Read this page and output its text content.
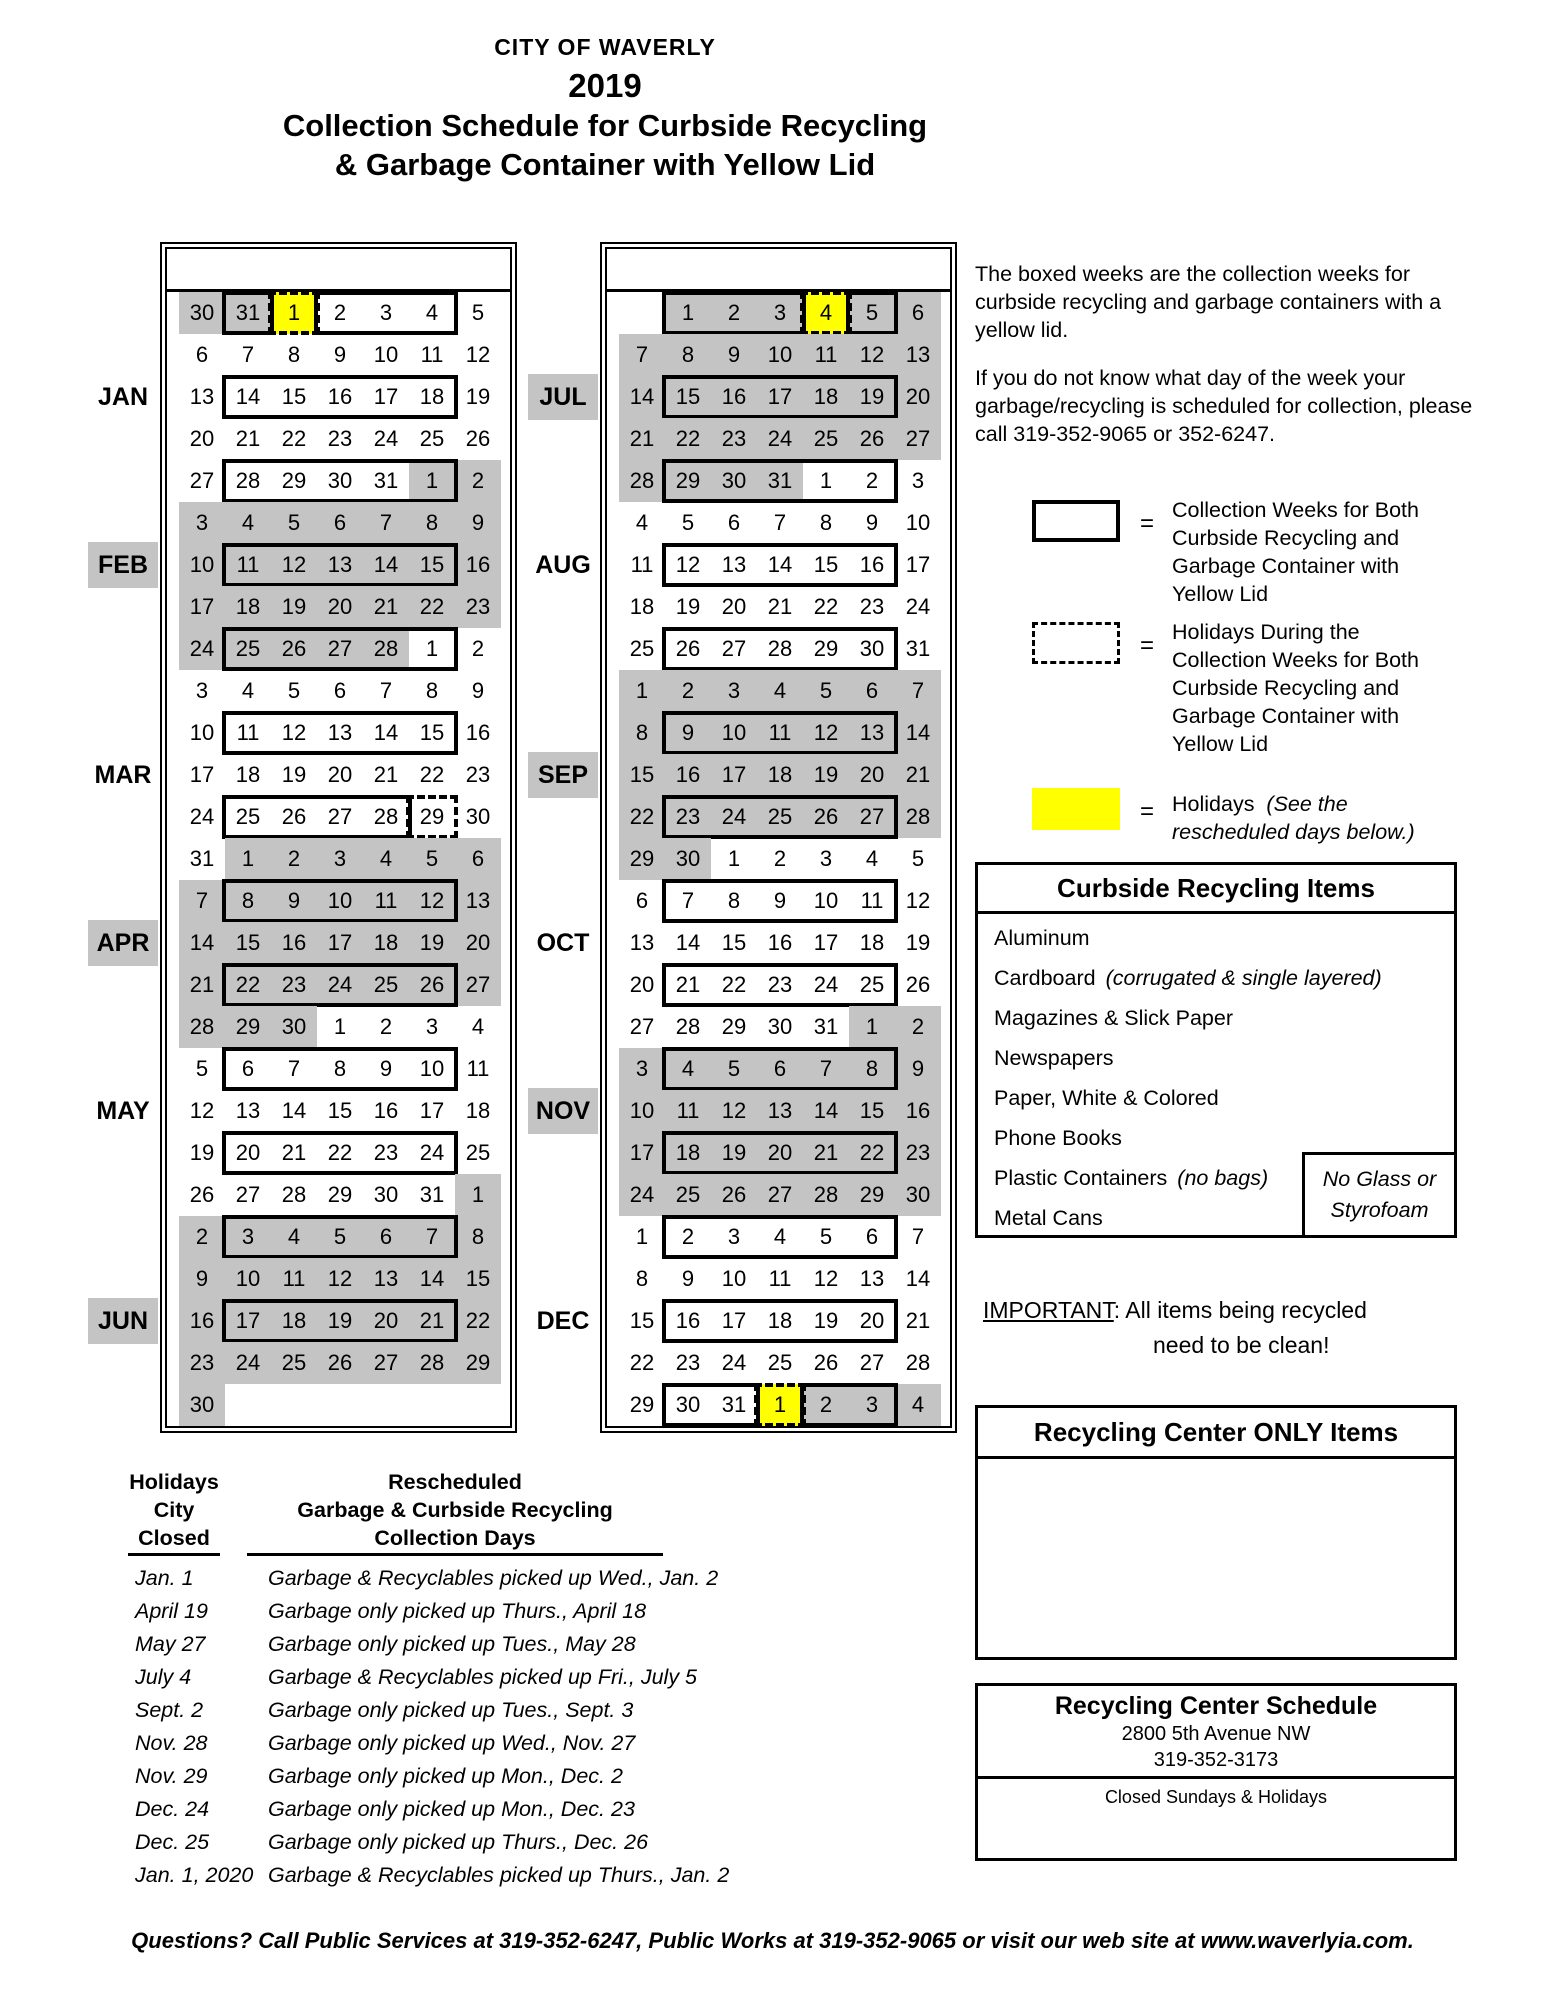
CITY OF WAVERLY
2019
Collection Schedule for Curbside Recycling
& Garbage Container with Yellow Lid
30 31	1	2	3	4	5
6	7	8	9	10	11	12
13 14 15 16 17 18 19
20 21 22 23 24 25 26
27 28 29 30 31	1	2
3	4	5	6	7	8	9
10	11	12 13 14 15 16
17 18 19 20 21 22 23
24 25 26 27 28	1	2
3	4	5	6	7	8	9
10	11	12 13 14 15 16
17 18 19 20 21 22 23
24 25 26 27 28 29 30
31	1	2	3	4	5	6
7	8	9	10	11	12 13
14 15 16 17 18 19 20
21 22 23 24 25 26 27
28 29 30	1	2	3	4
5	6	7	8	9	10	11
12 13 14 15 16 17 18
19 20 21 22 23 24 25
26 27 28 29 30 31	1
2	3	4	5	6	7	8
9	10	11	12 13 14 15
16 17 18 19 20 21 22
23 24 25 26 27 28 29
30
JAN
FEB
MAR
APR
MAY
JUN
1	2	3	4	5	6
7	8	9	10	11	12 13
14 15 16 17 18 19 20
21 22 23 24 25 26 27
28 29 30 31	1	2	3
4	5	6	7	8	9	10
11	12 13 14 15 16 17
18 19 20 21 22 23 24
25 26 27 28 29 30 31
1	2	3	4	5	6	7
8	9	10	11	12 13 14
15 16 17 18 19 20 21
22 23 24 25 26 27 28
29 30	1	2	3	4	5
6	7	8	9	10	11	12
13 14 15 16 17 18 19
20 21 22 23 24 25 26
27 28 29 30 31	1	2
3	4	5	6	7	8	9
10	11	12 13 14 15 16
17 18 19 20 21 22 23
24 25 26 27 28 29 30
1	2	3	4	5	6	7
8	9	10	11	12 13 14
15 16 17 18 19 20 21
22 23 24 25 26 27 28
29 30 31	1	2	3	4
JUL
AUG
SEP
OCT
NOV
DEC

The boxed weeks are the collection weeks for curbside recycling and garbage containers with a yellow lid.

If you do not know what day of the week your garbage/recycling is scheduled for collection, please call 319-352-9065 or 352-6247.

= Collection Weeks for Both Curbside Recycling and Garbage Container with Yellow Lid
= Holidays During the Collection Weeks for Both Curbside Recycling and Garbage Container with Yellow Lid
= Holidays (See the rescheduled days below.)
Curbside Recycling Items
Aluminum
Cardboard (corrugated & single layered)
Magazines & Slick Paper
Newspapers
Paper, White & Colored
Phone Books
Plastic Containers (no bags)
Metal Cans
No Glass or Styrofoam
IMPORTANT: All items being recycled
need to be clean!
Recycling Center ONLY Items
Recycling Center Schedule
2800 5th Avenue NW
319-352-3173
Closed Sundays & Holidays
Holidays
City
Closed
Rescheduled
Garbage & Curbside Recycling
Collection Days
Jan. 1	Garbage & Recyclables picked up Wed., Jan. 2
April 19	Garbage only picked up Thurs., April 18
May 27	Garbage only picked up Tues., May 28
July 4	Garbage & Recyclables picked up Fri., July 5
Sept. 2	Garbage only picked up Tues., Sept. 3
Nov. 28	Garbage only picked up Wed., Nov. 27
Nov. 29	Garbage only picked up Mon., Dec. 2
Dec. 24	Garbage only picked up Mon., Dec. 23
Dec. 25	Garbage only picked up Thurs., Dec. 26
Jan. 1, 2020 Garbage & Recyclables picked up Thurs., Jan. 2
Questions? Call Public Services at 319-352-6247, Public Works at 319-352-9065 or visit our web site at www.waverlyia.com.
